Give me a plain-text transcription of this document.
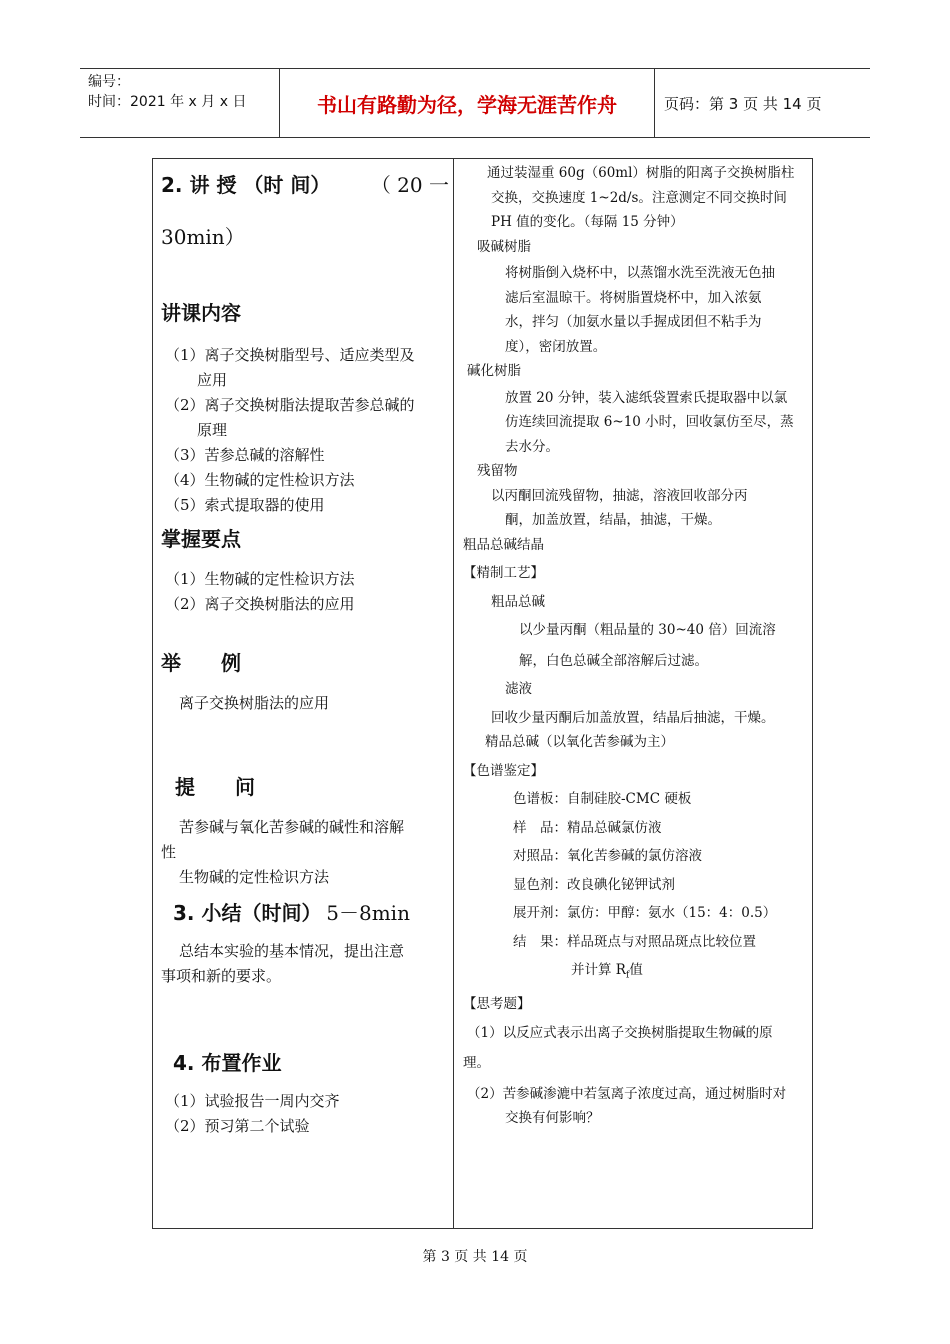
编号：
时间：2021 年 x 月 x 日	书山有路勤为径，学海无涯苦作舟	页码：第 3 页 共 14 页
2. 讲 授 （时 间） （ 20 一
30min）
讲课内容

（1）离子交换树脂型号、适应类型及

应用

（2）离子交换树脂法提取苦参总碱的

原理

（3）苦参总碱的溶解性

（4）生物碱的定性检识方法

（5）索式提取器的使用

掌握要点

（1）生物碱的定性检识方法

（2）离子交换树脂法的应用

举　　例
离子交换树脂法的应用
提　　问

苦参碱与氧化苦参碱的碱性和溶解

性

生物碱的定性检识方法

3. 小结（时间） 5－8min

总结本实验的基本情况，提出注意

事项和新的要求。

4. 布置作业

（1）试验报告一周内交齐

（2）预习第二个试验

通过装湿重 60g（60ml）树脂的阳离子交换树脂柱

交换，交换速度 1~2d/s。注意测定不同交换时间

PH 值的变化。（每隔 15 分钟）

吸碱树脂

将树脂倒入烧杯中，以蒸馏水洗至洗液无色抽

滤后室温晾干。将树脂置烧杯中，加入浓氨

水，拌匀（加氨水量以手握成团但不粘手为

度），密闭放置。

碱化树脂

放置 20 分钟，装入滤纸袋置索氏提取器中以氯

仿连续回流提取 6~10 小时，回收氯仿至尽，蒸

去水分。

残留物

以丙酮回流残留物，抽滤，溶液回收部分丙

酮，加盖放置，结晶，抽滤，干燥。

粗品总碱结晶

【精制工艺】

粗品总碱

以少量丙酮（粗品量的 30~40 倍）回流溶

解，白色总碱全部溶解后过滤。

滤液

回收少量丙酮后加盖放置，结晶后抽滤，干燥。

精品总碱（以氧化苦参碱为主）

【色谱鉴定】

色谱板：自制硅胶-CMC 硬板

样　品：精品总碱氯仿液

对照品：氧化苦参碱的氯仿溶液

显色剂：改良碘化铋钾试剂

展开剂：氯仿：甲醇：氨水（15：4：0.5）

结　果：样品斑点与对照品斑点比较位置

并计算 $R_f$值

【思考题】

（1）以反应式表示出离子交换树脂提取生物碱的原

理。

（2）苦参碱渗漉中若氢离子浓度过高，通过树脂时对

交换有何影响？

第 3 页 共 14 页
